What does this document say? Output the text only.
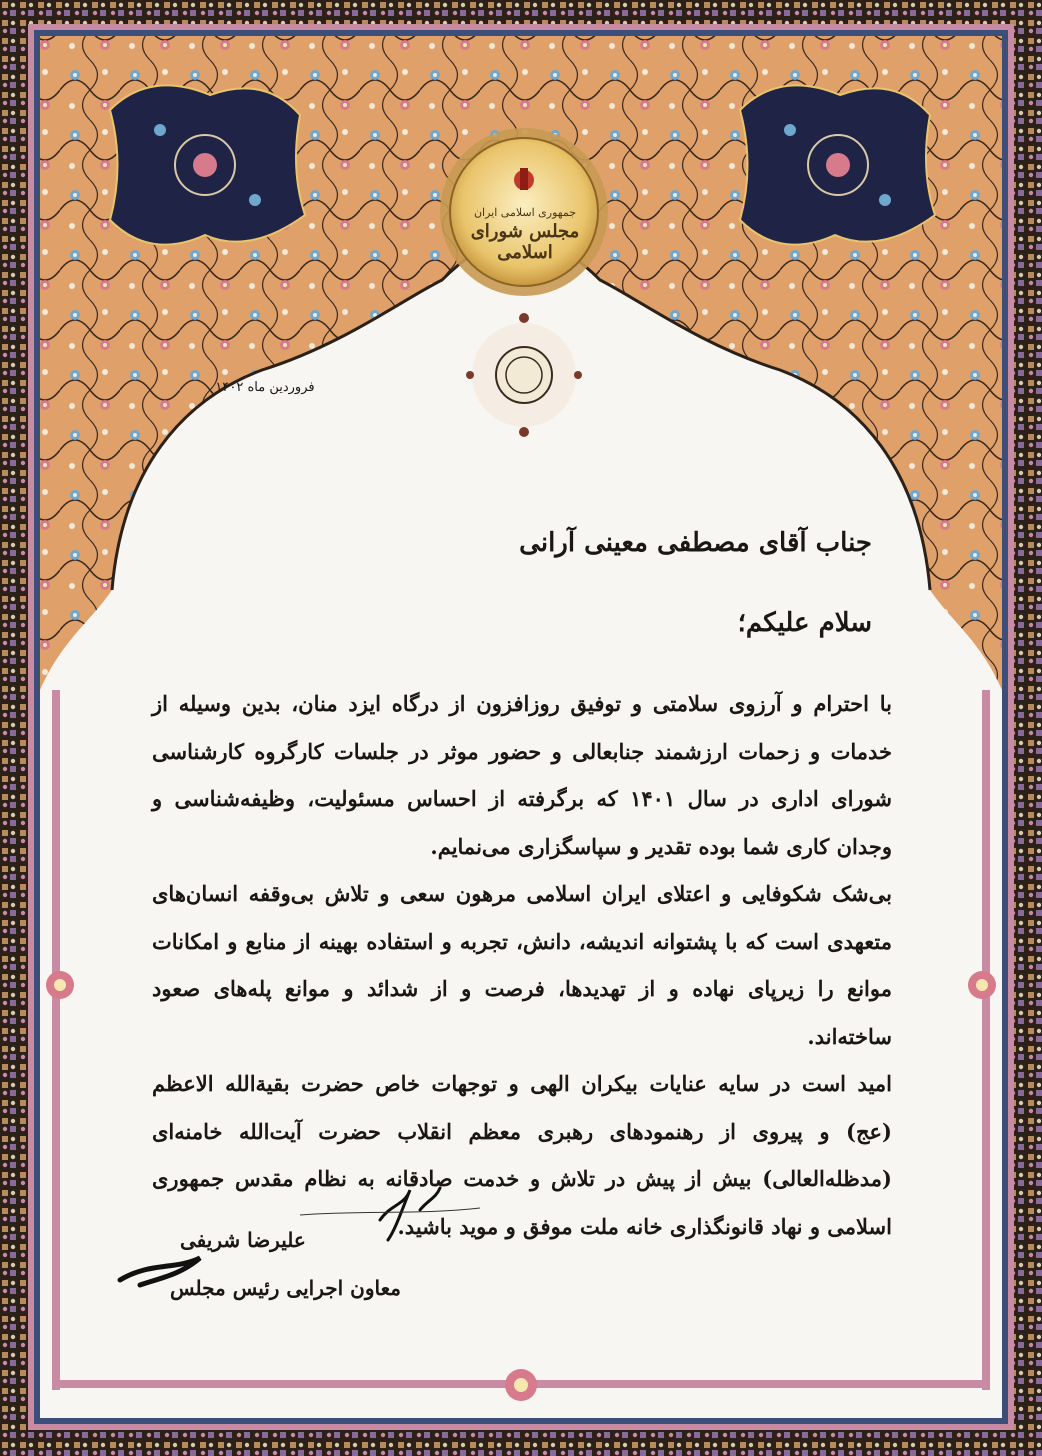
جمهوری اسلامی ایران
مجلس شورای اسلامی
فروردین ماه ۱۴۰۲
جناب آقای مصطفی معینی آرانی
سلام علیکم؛

با احترام و آرزوی سلامتی و توفیق روزافزون از درگاه ایزد منان، بدین وسیله از خدمات و زحمات ارزشمند جنابعالی و حضور موثر در جلسات کارگروه کارشناسی شورای اداری در سال ۱۴۰۱ که برگرفته از احساس مسئولیت، وظیفه‌شناسی و وجدان کاری شما بوده تقدیر و سپاسگزاری می‌نمایم.

بی‌شک شکوفایی و اعتلای ایران اسلامی مرهون سعی و تلاش بی‌وقفه انسان‌های متعهدی است که با پشتوانه اندیشه، دانش، تجربه و استفاده بهینه از منابع و امکانات موانع را زیرپای نهاده و از تهدیدها، فرصت و از شدائد و موانع پله‌های صعود ساخته‌اند.

امید است در سایه عنایات بیکران الهی و توجهات خاص حضرت بقیة‌الله الاعظم (عج) و پیروی از رهنمودهای رهبری معظم انقلاب حضرت آیت‌الله خامنه‌ای (مدظله‌العالی) بیش از پیش در تلاش و خدمت صادقانه به نظام مقدس جمهوری اسلامی و نهاد قانونگذاری خانه ملت موفق و موید باشید.

علیرضا شریفی
معاون اجرایی رئیس مجلس
